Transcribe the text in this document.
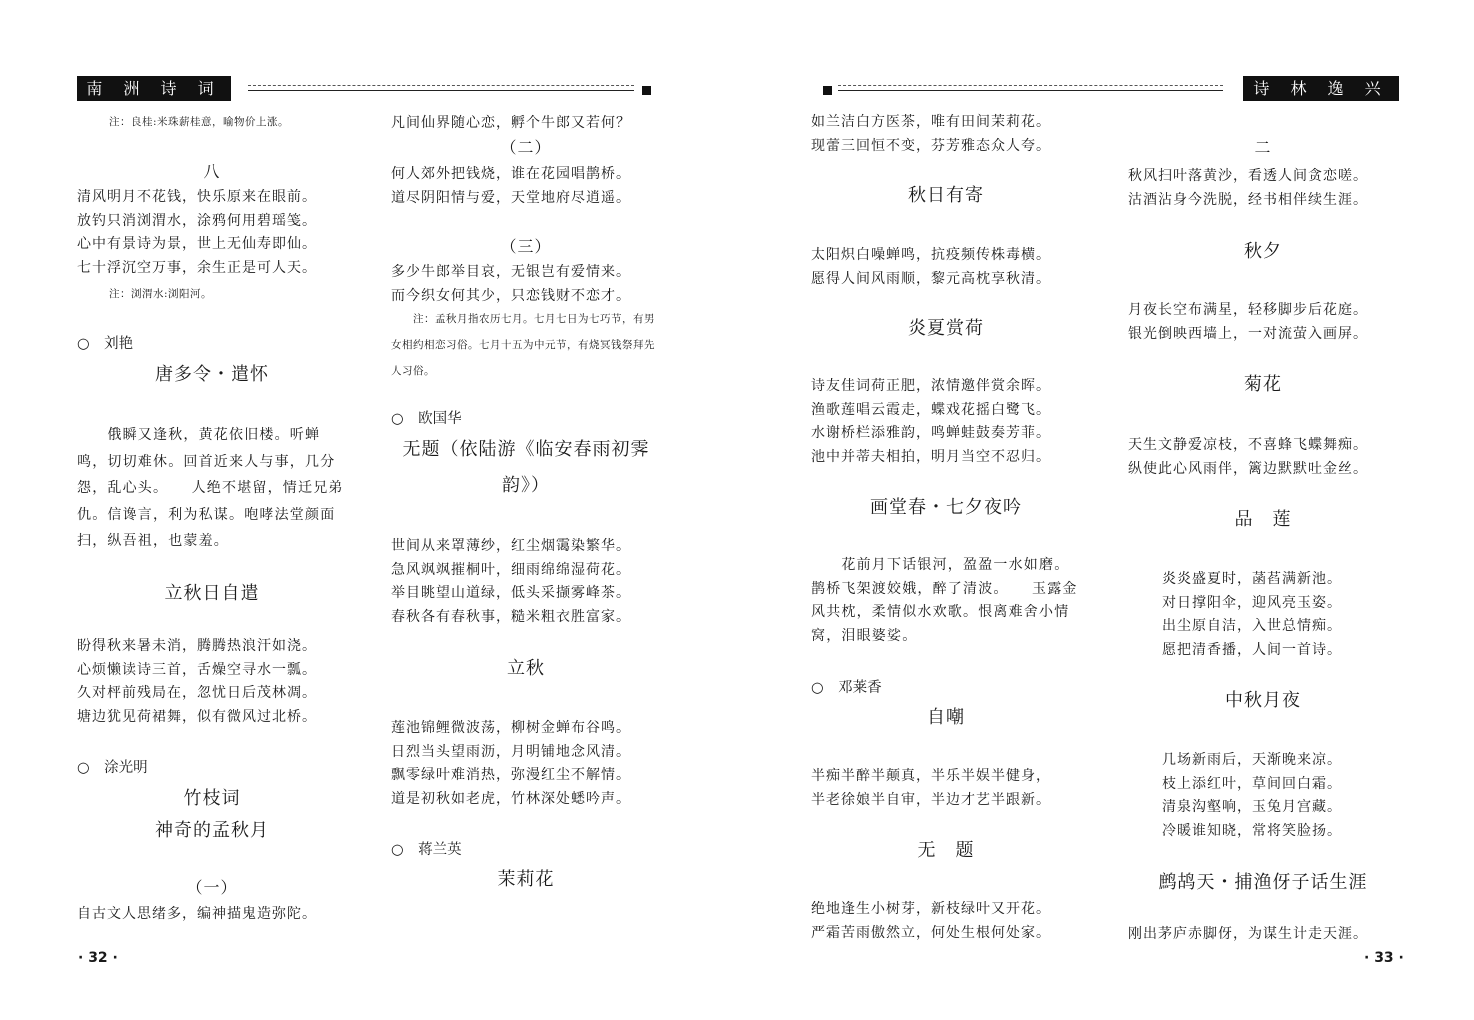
南 洲 诗 词	诗 林 逸 兴
注：良桂:米珠薪桂意，喻物价上涨。
八
清风明月不花钱，快乐原来在眼前。
放钓只消浏渭水，涂鸦何用碧瑶笺。
心中有景诗为景，世上无仙寿即仙。
七十浮沉空万事，余生正是可人天。
注：浏渭水:浏阳河。
○　刘艳
唐多令・遣怀
　　俄瞬又逢秋，黄花依旧楼。听蝉鸣，切切难休。回首近来人与事，几分怨，乱心头。　　人绝不堪留，情迁兄弟仇。信谗言，利为私谋。咆哮法堂颜面扫，纵吾祖，也蒙羞。
立秋日自遣
盼得秋来暑未消，腾腾热浪汗如浇。
心烦懒读诗三首，舌燥空寻水一瓢。
久对枰前残局在，忽忧日后茂林凋。
塘边犹见荷裙舞，似有微风过北桥。
○　涂光明
竹枝词
神奇的孟秋月
（一）
自古文人思绪多，编神描鬼造弥陀。
凡间仙界随心恋，孵个牛郎又若何？
（二）
何人郊外把钱烧，谁在花园唱鹊桥。
道尽阴阳情与爱，天堂地府尽逍遥。
（三）
多少牛郎举目哀，无银岂有爱情来。
而今织女何其少，只恋钱财不恋才。
注：孟秋月指农历七月。七月七日为七巧节，有男女相约相恋习俗。七月十五为中元节，有烧冥钱祭拜先人习俗。
○　欧国华
无题（依陆游《临安春雨初霁韵》）
世间从来罩薄纱，红尘烟霭染繁华。
急风飒飒摧桐叶，细雨绵绵湿荷花。
举目眺望山道绿，低头采撷雾峰茶。
春秋各有春秋事，糙米粗衣胜富家。
立秋
莲池锦鲤微波荡，柳树金蝉布谷鸣。
日烈当头望雨沥，月明铺地念风清。
飘零绿叶难消热，弥漫红尘不解情。
道是初秋如老虎，竹林深处蟋吟声。
○　蒋兰英
茉莉花
如兰洁白方医茶，唯有田间茉莉花。
现蕾三回恒不变，芬芳雅态众人夸。
秋日有寄
太阳炽白噪蝉鸣，抗疫频传株毒横。
愿得人间风雨顺，黎元高枕享秋清。
炎夏赏荷
诗友佳词荷正肥，浓情邀伴赏余晖。
渔歌莲唱云霞走，蝶戏花摇白鹭飞。
水谢桥栏添雅韵，鸣蝉蛙鼓奏芳菲。
池中并蒂夫相拍，明月当空不忍归。
画堂春・七夕夜吟
　　花前月下话银河，盈盈一水如磨。鹊桥飞架渡姣娥，醉了清波。　　玉露金风共枕，柔情似水欢歌。恨离难舍小情窝，泪眼婆娑。
○　邓莱香
自嘲
半痴半醉半颠真，半乐半娱半健身，
半老徐娘半自审，半边才艺半跟新。
无　题
绝地逢生小树芽，新枝绿叶又开花。
严霜苦雨傲然立，何处生根何处家。
二
秋风扫叶落黄沙，看透人间贪恋嗟。
沽酒沾身今洗脱，经书相伴续生涯。
秋夕
月夜长空布满星，轻移脚步后花庭。
银光倒映西墙上，一对流萤入画屏。
菊花
天生文静爱凉枝，不喜蜂飞蝶舞痴。
纵使此心风雨伴，篱边默默吐金丝。
品　莲
炎炎盛夏时，菡萏满新池。
对日撑阳伞，迎风亮玉姿。
出尘原自洁，入世总情痴。
愿把清香播，人间一首诗。
中秋月夜
几场新雨后，天渐晚来凉。
枝上添红叶，草间回白霜。
清泉沟壑响，玉兔月宫藏。
冷暖谁知晓，常将笑脸扬。
鹧鸪天・捕渔伢子话生涯
刚出茅庐赤脚伢，为谋生计走天涯。
· 32 ·	· 33 ·
